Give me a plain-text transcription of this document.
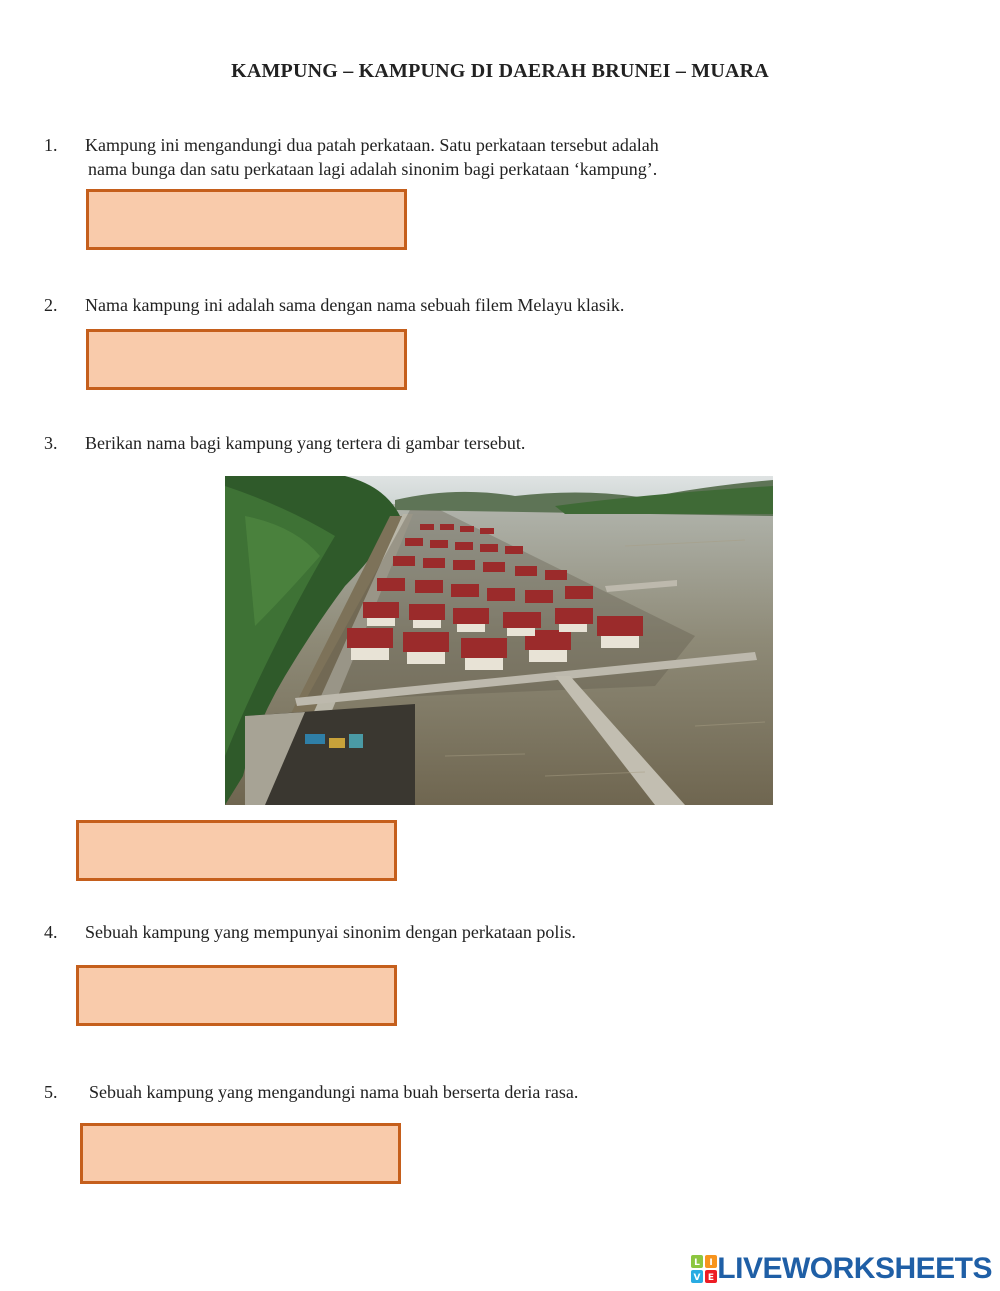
KAMPUNG – KAMPUNG DI DAERAH BRUNEI – MUARA
1. Kampung ini mengandungi dua patah perkataan. Satu perkataan tersebut adalah
nama bunga dan satu perkataan lagi adalah sinonim bagi perkataan ‘kampung’.
2. Nama kampung ini adalah sama dengan nama sebuah filem Melayu klasik.
3. Berikan nama bagi kampung yang tertera di gambar tersebut.
4. Sebuah kampung yang mempunyai sinonim dengan perkataan polis.
5. Sebuah kampung yang mengandungi nama buah berserta deria rasa.
L I
V E LIVEWORKSHEETS
